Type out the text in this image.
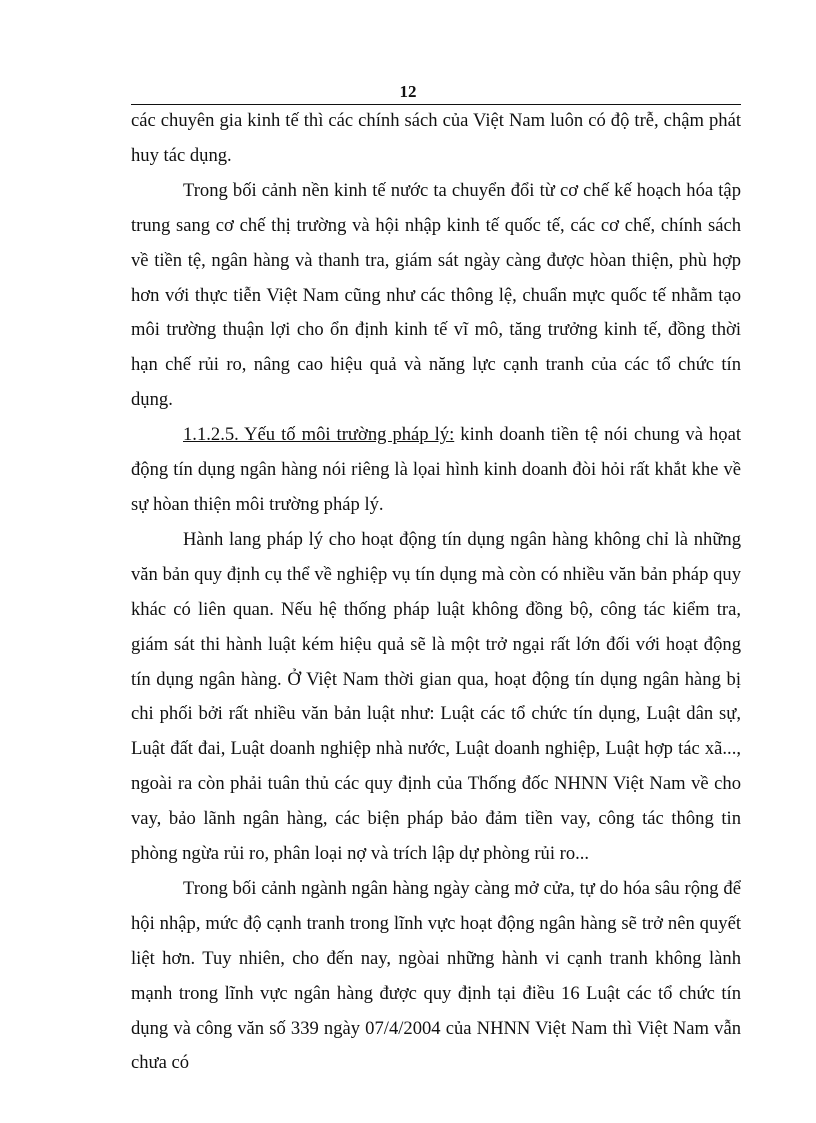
12

các chuyên gia kinh tế thì các chính sách của Việt Nam luôn có độ trễ, chậm phát huy tác dụng.

Trong bối cảnh nền kinh tế nước ta chuyển đổi từ cơ chế kế hoạch hóa tập trung sang cơ chế thị trường và hội nhập kinh tế quốc tế, các cơ chế, chính sách về tiền tệ, ngân hàng và thanh tra, giám sát ngày càng được hòan thiện, phù hợp hơn với thực tiễn Việt Nam cũng như các thông lệ, chuẩn mực quốc tế nhằm tạo môi trường thuận lợi cho ổn định kinh tế vĩ mô, tăng trưởng kinh tế, đồng thời hạn chế rủi ro, nâng cao hiệu quả và năng lực cạnh tranh của các tổ chức tín dụng.

1.1.2.5. Yếu tố môi trường pháp lý: kinh doanh tiền tệ nói chung và họat động tín dụng ngân hàng nói riêng là lọai hình kinh doanh đòi hỏi rất khắt khe về sự hòan thiện môi trường pháp lý.

Hành lang pháp lý cho hoạt động tín dụng ngân hàng không chỉ là những văn bản quy định cụ thể về nghiệp vụ tín dụng mà còn có nhiều văn bản pháp quy khác có liên quan. Nếu hệ thống pháp luật không đồng bộ, công tác kiểm tra, giám sát thi hành luật kém hiệu quả sẽ là một trở ngại rất lớn đối với hoạt động tín dụng ngân hàng. Ở Việt Nam thời gian qua, hoạt động tín dụng ngân hàng bị chi phối bởi rất nhiều văn bản luật như: Luật các tổ chức tín dụng, Luật dân sự, Luật đất đai, Luật doanh nghiệp nhà nước, Luật doanh nghiệp, Luật hợp tác xã..., ngoài ra còn phải tuân thủ các quy định của Thống đốc NHNN Việt Nam về cho vay, bảo lãnh ngân hàng, các biện pháp bảo đảm tiền vay, công tác thông tin phòng ngừa rủi ro, phân loại nợ và trích lập dự phòng rủi ro...

Trong bối cảnh ngành ngân hàng ngày càng mở cửa, tự do hóa sâu rộng để hội nhập, mức độ cạnh tranh trong lĩnh vực hoạt động ngân hàng sẽ trở nên quyết liệt hơn. Tuy nhiên, cho đến nay, ngòai những hành vi cạnh tranh không lành mạnh trong lĩnh vực ngân hàng được quy định tại điều 16 Luật các tổ chức tín dụng và công văn số 339 ngày 07/4/2004 của NHNN Việt Nam thì Việt Nam vẫn chưa có
